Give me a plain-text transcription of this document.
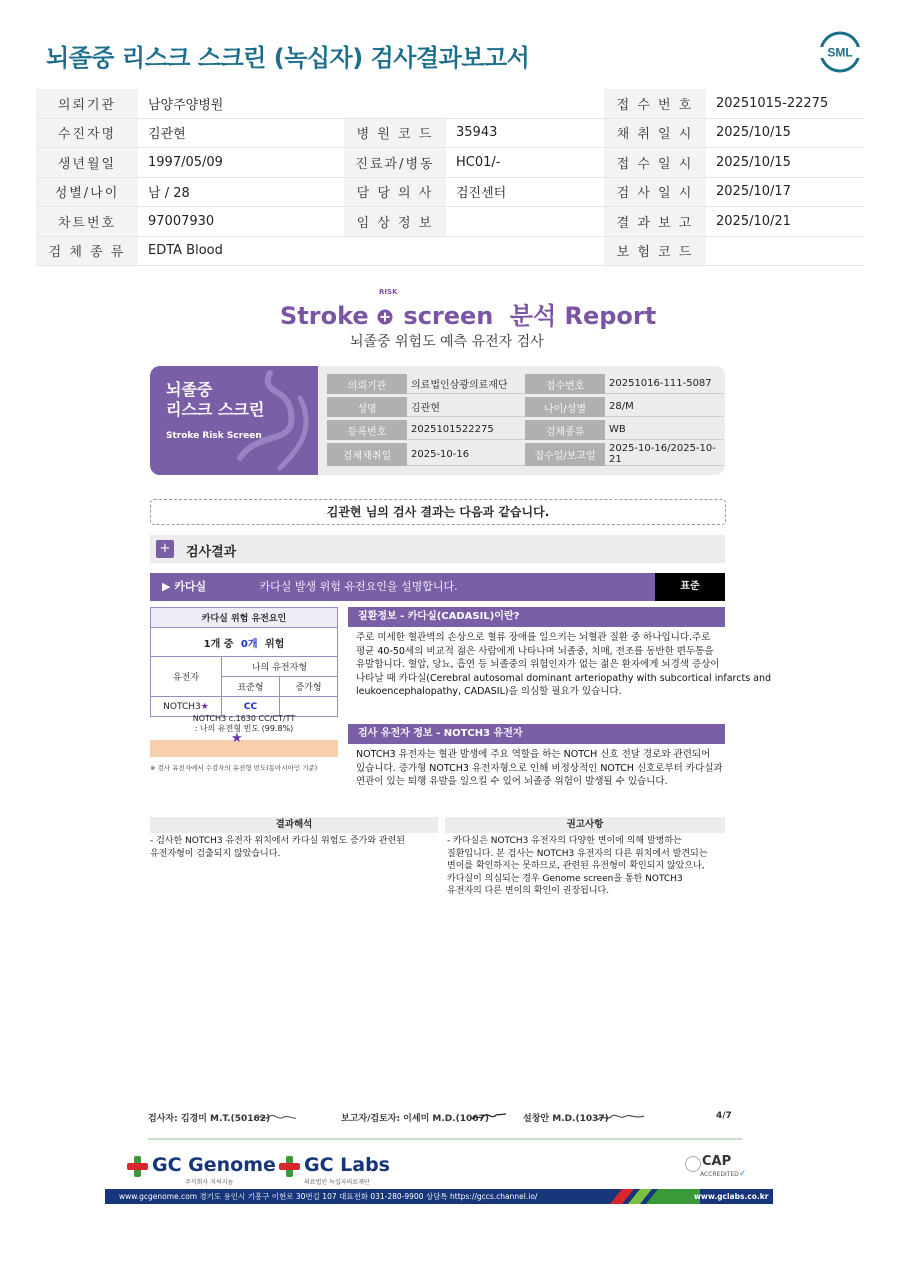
뇌졸중 리스크 스크린 (녹십자) 검사결과보고서	SML
의뢰기관	남양주양병원			접 수 번 호	20251015-22275
수진자명	김관현	병 원 코 드	35943	채 취 일 시	2025/10/15
생년월일	1997/05/09	진료과/병동	HC01/-	접 수 일 시	2025/10/15
성별/나이	남 / 28	담 당 의 사	검진센터	검 사 일 시	2025/10/17
차트번호	97007930	임 상 정 보		결 과 보 고	2025/10/21
검 체 종 류	EDTA Blood			보 험 코 드	
Stroke
RISK
screen 분석 Report
뇌졸중 위험도 예측 유전자 검사
뇌졸중
리스크 스크린
Stroke Risk Screen
의뢰기관	의료법인삼광의료재단	접수번호	20251016-111-5087
성명	김관현	나이/성별	28/M
등록번호	2025101522275	검체종류	WB
검체채취일	2025-10-16	접수일/보고일	2025-10-16/2025-10-21
김관현 님의 검사 결과는 다음과 같습니다.
+ 검사결과
▶ 카다실	카다실 발생 위험 유전요인을 설명합니다.	표준
카다실 위험 유전요인		
1개 중 0개 위험		
유전자	나의 유전자형	
	표준형	증가형
NOTCH3★	CC	
NOTCH3 c.1630 CC/CT/TT
: 나의 유전형 빈도 (99.8%)
★
※ 검사 유전자에서 수검자의 유전형 빈도(동아시아인 기준)
질환정보 - 카다실(CADASIL)이란?
주로 미세한 혈관벽의 손상으로 혈류 장애를 일으키는 뇌혈관 질환 중 하나입니다.주로
평균 40-50세의 비교적 젊은 사람에게 나타나며 뇌졸중, 치매, 전조를 동반한 편두통을
유발합니다. 혈압, 당뇨, 흡연 등 뇌졸중의 위험인자가 없는 젊은 환자에게 뇌경색 증상이
나타날 때 카다실(Cerebral autosomal dominant arteriopathy with subcortical infarcts and
leukoencephalopathy, CADASIL)을 의심할 필요가 있습니다.
검사 유전자 정보 - NOTCH3 유전자
NOTCH3 유전자는 혈관 발생에 주요 역할을 하는 NOTCH 신호 전달 경로와 관련되어
있습니다. 증가형 NOTCH3 유전자형으로 인해 비정상적인 NOTCH 신호로부터 카다실과
연관이 있는 퇴행 유발을 일으킬 수 있어 뇌졸중 위험이 발생될 수 있습니다.
결과해석
- 검사한 NOTCH3 유전자 위치에서 카다실 위험도 증가와 관련된
유전자형이 검출되지 않았습니다.
권고사항
- 카다실은 NOTCH3 유전자의 다양한 변이에 의해 발병하는
질환입니다. 본 검사는 NOTCH3 유전자의 다른 위치에서 발견되는
변이를 확인하지는 못하므로, 관련된 유전형이 확인되지 않았으나,
카다실이 의심되는 경우 Genome screen을 통한 NOTCH3
유전자의 다른 변이의 확인이 권장됩니다.
검사자: 김경미 M.T.(50162)	보고자/검토자: 이세미 M.D.(1067)	설창안 M.D.(1037)	4/7
GC Genome
주식회사 지씨지놈
GC Labs
의료법인 녹십자의료재단
CAP
ACCREDITED✓
www.gcgenome.com 경기도 용인시 기흥구 이현로 30번길 107 대표전화 031-280-9900 상담톡 https://gccs.channel.io/	www.gclabs.co.kr
